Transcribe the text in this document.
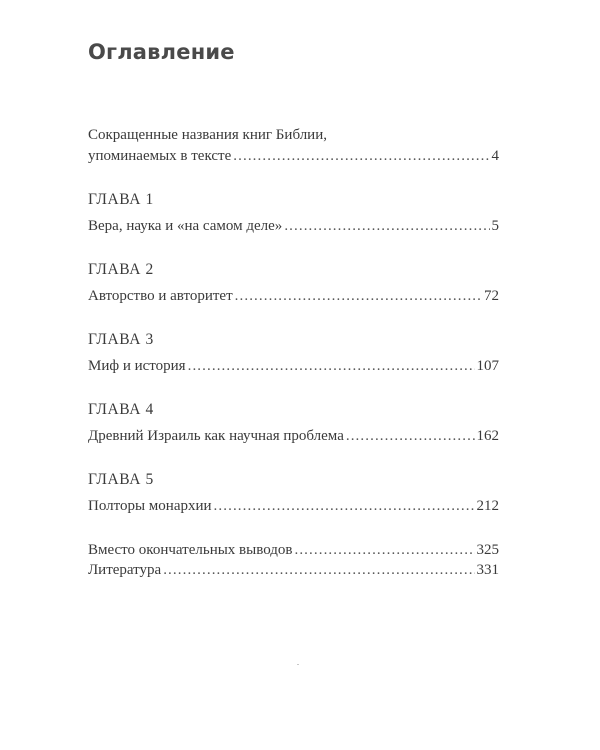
Оглавление
Сокращенные названия книг Библии,
упоминаемых в тексте .....	4
ГЛАВА 1
Вера, наука и «на самом деле» .....	5
ГЛАВА 2
Авторство и авторитет .....	72
ГЛАВА 3
Миф и история .....	107
ГЛАВА 4
Древний Израиль как научная проблема .....	162
ГЛАВА 5
Полторы монархии .....	212
Вместо окончательных выводов .....	325
Литература .....	331
